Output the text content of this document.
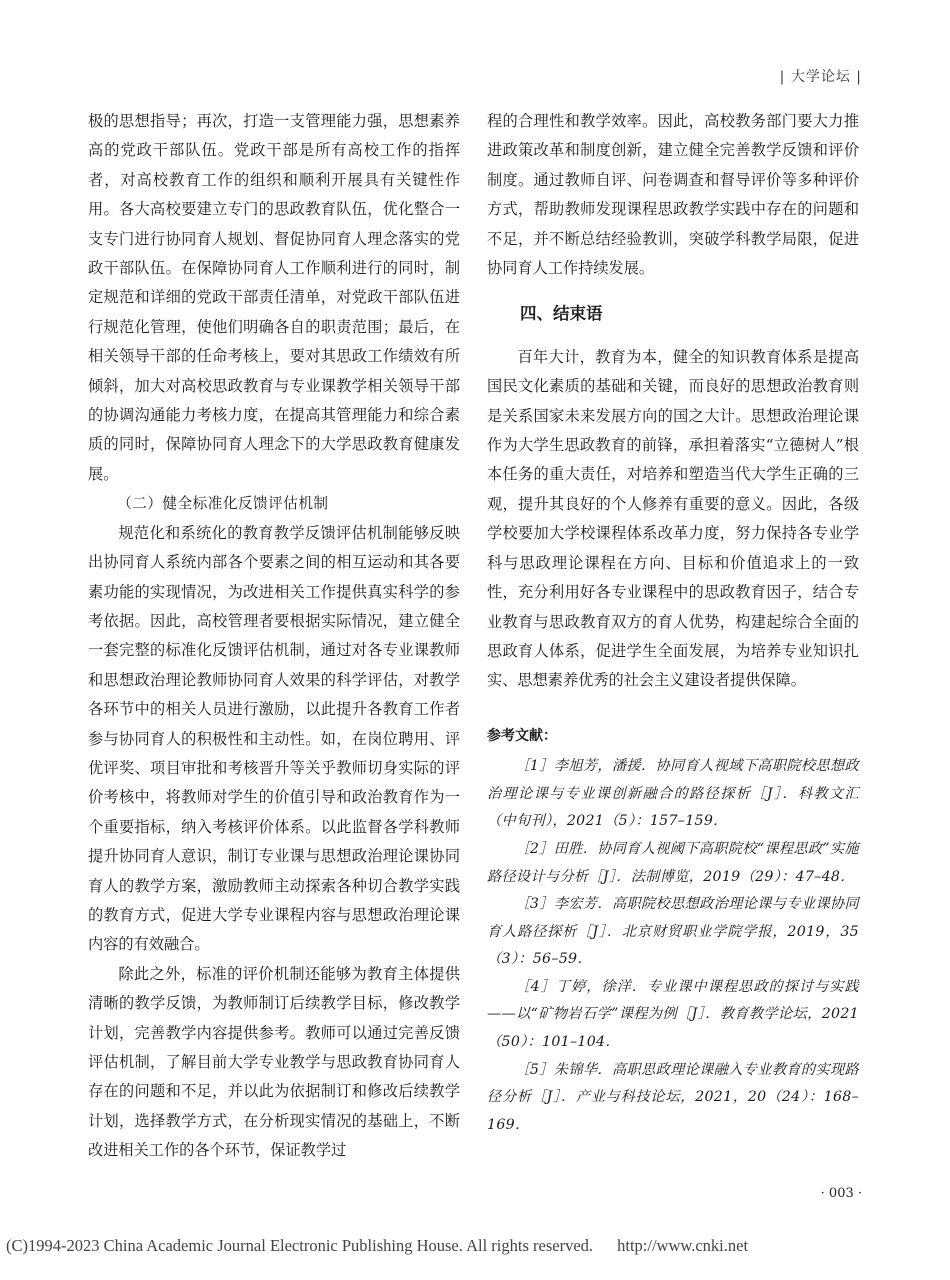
| 大学论坛 |

极的思想指导；再次，打造一支管理能力强，思想素养高的党政干部队伍。党政干部是所有高校工作的指挥者，对高校教育工作的组织和顺利开展具有关键性作用。各大高校要建立专门的思政教育队伍，优化整合一支专门进行协同育人规划、督促协同育人理念落实的党政干部队伍。在保障协同育人工作顺利进行的同时，制定规范和详细的党政干部责任清单，对党政干部队伍进行规范化管理，使他们明确各自的职责范围；最后，在相关领导干部的任命考核上，要对其思政工作绩效有所倾斜，加大对高校思政教育与专业课教学相关领导干部的协调沟通能力考核力度，在提高其管理能力和综合素质的同时，保障协同育人理念下的大学思政教育健康发展。

（二）健全标准化反馈评估机制

规范化和系统化的教育教学反馈评估机制能够反映出协同育人系统内部各个要素之间的相互运动和其各要素功能的实现情况，为改进相关工作提供真实科学的参考依据。因此，高校管理者要根据实际情况，建立健全一套完整的标准化反馈评估机制，通过对各专业课教师和思想政治理论教师协同育人效果的科学评估，对教学各环节中的相关人员进行激励，以此提升各教育工作者参与协同育人的积极性和主动性。如，在岗位聘用、评优评奖、项目审批和考核晋升等关乎教师切身实际的评价考核中，将教师对学生的价值引导和政治教育作为一个重要指标，纳入考核评价体系。以此监督各学科教师提升协同育人意识，制订专业课与思想政治理论课协同育人的教学方案，激励教师主动探索各种切合教学实践的教育方式，促进大学专业课程内容与思想政治理论课内容的有效融合。

除此之外，标准的评价机制还能够为教育主体提供清晰的教学反馈，为教师制订后续教学目标，修改教学计划，完善教学内容提供参考。教师可以通过完善反馈评估机制，了解目前大学专业教学与思政教育协同育人存在的问题和不足，并以此为依据制订和修改后续教学计划，选择教学方式，在分析现实情况的基础上，不断改进相关工作的各个环节，保证教学过

程的合理性和教学效率。因此，高校教务部门要大力推进政策改革和制度创新，建立健全完善教学反馈和评价制度。通过教师自评、问卷调查和督导评价等多种评价方式，帮助教师发现课程思政教学实践中存在的问题和不足，并不断总结经验教训，突破学科教学局限，促进协同育人工作持续发展。

四、结束语

百年大计，教育为本，健全的知识教育体系是提高国民文化素质的基础和关键，而良好的思想政治教育则是关系国家未来发展方向的国之大计。思想政治理论课作为大学生思政教育的前锋，承担着落实“立德树人”根本任务的重大责任，对培养和塑造当代大学生正确的三观，提升其良好的个人修养有重要的意义。因此，各级学校要加大学校课程体系改革力度，努力保持各专业学科与思政理论课程在方向、目标和价值追求上的一致性，充分利用好各专业课程中的思政教育因子，结合专业教育与思政教育双方的育人优势，构建起综合全面的思政育人体系，促进学生全面发展，为培养专业知识扎实、思想素养优秀的社会主义建设者提供保障。

参考文献：

［1］李旭芳，潘援．协同育人视域下高职院校思想政治理论课与专业课创新融合的路径探析［J］．科教文汇（中旬刊），2021（5）：157–159．

［2］田胜．协同育人视阈下高职院校“课程思政”实施路径设计与分析［J］．法制博览，2019（29）：47–48．

［3］李宏芳．高职院校思想政治理论课与专业课协同育人路径探析［J］．北京财贸职业学院学报，2019，35（3）：56–59．

［4］丁婷，徐洋．专业课中课程思政的探讨与实践——以“矿物岩石学”课程为例［J］．教育教学论坛，2021（50）：101–104．

［5］朱锦华．高职思政理论课融入专业教育的实现路径分析［J］．产业与科技论坛，2021，20（24）：168–169．

· 003 ·
(C)1994-2023 China Academic Journal Electronic Publishing House. All rights reserved. http://www.cnki.net
